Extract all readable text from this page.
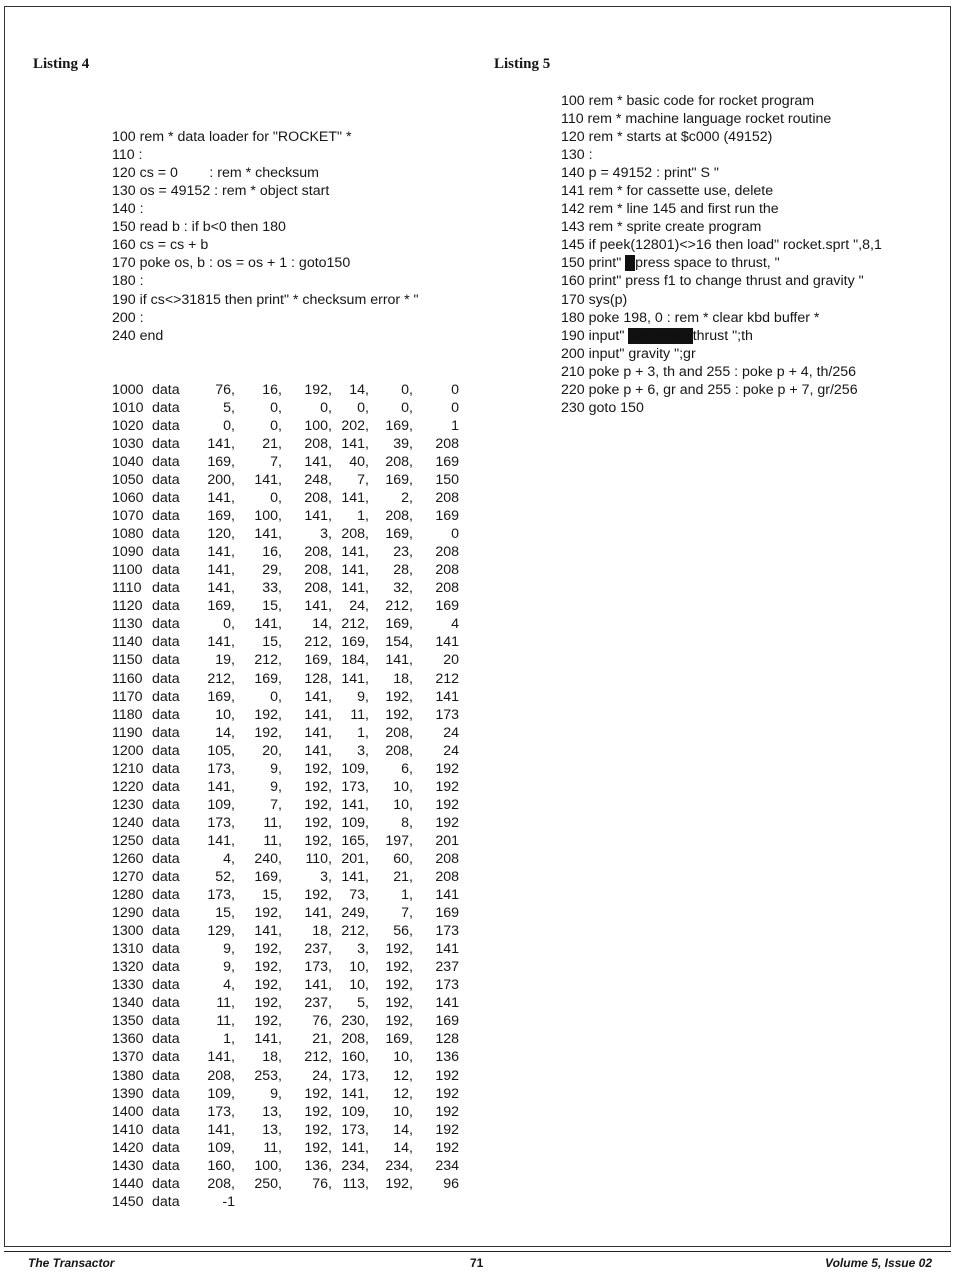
Listing 4	Listing 5

100 rem * data loader for "ROCKET" *
110 :
120 cs = 0        : rem * checksum
130 os = 49152 : rem * object start
140 :
150 read b : if b<0 then 180
160 cs = cs + b
170 poke os, b : os = os + 1 : goto150
180 :
190 if cs<>31815 then print" * checksum error * "
200 :
240 end

1000 data	76,	16,	192,	14,	0,	0
1010 data	5,	0,	0,	0,	0,	0
1020 data	0,	0,	100, 202,	169,	1
1030 data	141,	21,	208, 141,	39,	208
1040 data	169,	7,	141,	40,	208,	169
1050 data	200,	141,	248,	7,	169,	150
1060 data	141,	0,	208, 141,	2,	208
1070 data	169,	100,	141,	1,	208,	169
1080 data	120,	141,	3, 208,	169,	0
1090 data	141,	16,	208, 141,	23,	208
1100 data	141,	29,	208, 141,	28,	208
1110 data	141,	33,	208, 141,	32,	208
1120 data	169,	15,	141,	24,	212,	169
1130 data	0,	141,	14, 212,	169,	4
1140 data	141,	15,	212, 169,	154,	141
1150 data	19,	212,	169, 184,	141,	20
1160 data	212,	169,	128, 141,	18,	212
1170 data	169,	0,	141,	9,	192,	141
1180 data	10,	192,	141,	11,	192,	173
1190 data	14,	192,	141,	1,	208,	24
1200 data	105,	20,	141,	3,	208,	24
1210 data	173,	9,	192, 109,	6,	192
1220 data	141,	9,	192, 173,	10,	192
1230 data	109,	7,	192, 141,	10,	192
1240 data	173,	11,	192, 109,	8,	192
1250 data	141,	11,	192, 165,	197,	201
1260 data	4,	240,	110, 201,	60,	208
1270 data	52,	169,	3, 141,	21,	208
1280 data	173,	15,	192,	73,	1,	141
1290 data	15,	192,	141, 249,	7,	169
1300 data	129,	141,	18, 212,	56,	173
1310 data	9,	192,	237,	3,	192,	141
1320 data	9,	192,	173,	10,	192,	237
1330 data	4,	192,	141,	10,	192,	173
1340 data	11,	192,	237,	5,	192,	141
1350 data	11,	192,	76, 230,	192,	169
1360 data	1,	141,	21, 208,	169,	128
1370 data	141,	18,	212, 160,	10,	136
1380 data	208,	253,	24, 173,	12,	192
1390 data	109,	9,	192, 141,	12,	192
1400 data	173,	13,	192, 109,	10,	192
1410 data	141,	13,	192, 173,	14,	192
1420 data	109,	11,	192, 141,	14,	192
1430 data	160,	100,	136, 234,	234,	234
1440 data	208,	250,	76, 113,	192,	96
1450 data	-1

100 rem * basic code for rocket program
110 rem * machine language rocket routine
120 rem * starts at $c000 (49152)
130 :
140 p = 49152 : print" S "
141 rem * for cassette use, delete
142 rem * line 145 and first run the
143 rem * sprite create program
145 if peek(12801)<>16 then load" rocket.sprt ",8,1
150 print" qpress space to thrust, "
160 print" press f1 to change thrust and gravity "
170 sys(p)
180 poke 198, 0 : rem * clear kbd buffer *
190 input" sqqqqqqqthrust ";th
200 input" gravity ";gr
210 poke p + 3, th and 255 : poke p + 4, th/256
220 poke p + 6, gr and 255 : poke p + 7, gr/256
230 goto 150
The Transactor	71	Volume 5, Issue 02
